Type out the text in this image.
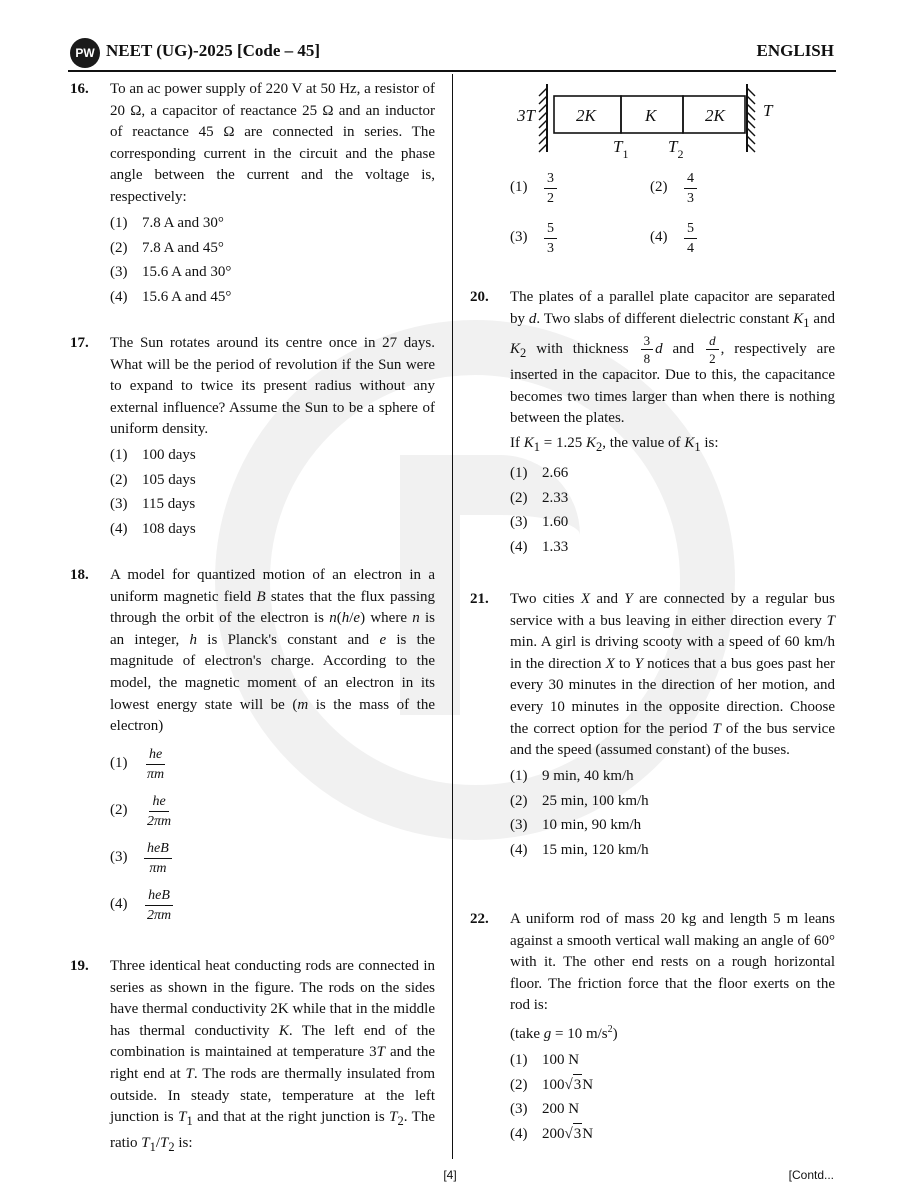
PW NEET (UG)-2025 [Code – 45]	ENGLISH
16. To an ac power supply of 220 V at 50 Hz, a resistor of 20 Ω, a capacitor of reactance 25 Ω and an inductor of reactance 45 Ω are connected in series. The corresponding current in the circuit and the phase angle between the current and the voltage is, respectively:
(1) 7.8 A and 30°
(2) 7.8 A and 45°
(3) 15.6 A and 30°
(4) 15.6 A and 45°
17. The Sun rotates around its centre once in 27 days. What will be the period of revolution if the Sun were to expand to twice its present radius without any external influence? Assume the Sun to be a sphere of uniform density.
(1) 100 days
(2) 105 days
(3) 115 days
(4) 108 days
18. A model for quantized motion of an electron in a uniform magnetic field B states that the flux passing through the orbit of the electron is n(h/e) where n is an integer, h is Planck's constant and e is the magnitude of electron's charge. According to the model, the magnetic moment of an electron in its lowest energy state will be (m is the mass of the electron)
(1)	$\frac{he}{\pi m}$
(2)	$\frac{he}{2\pi m}$
(3)	$\frac{\text{heB}}{\pi m}$
(4)	$\frac{\text{heB}}{2\pi m}$
19. Three identical heat conducting rods are connected in series as shown in the figure. The rods on the sides have thermal conductivity 2K while that in the middle has thermal conductivity K. The left end of the combination is maintained at temperature 3T and the right end at T. The rods are thermally insulated from outside. In steady state, temperature at the left junction is $T_1$ and that at the right junction is $T_2$. The ratio $T_1/T_2$ is:
3T	T
2K	K	2K
$T_1$ $T_2$
(1)	$\frac{3}{2}$	(2)	$\frac{4}{3}$
(3)	$\frac{5}{3}$	(4)	$\frac{5}{4}$
20. The plates of a parallel plate capacitor are separated by d. Two slabs of different dielectric constant $K_1$ and $K_2$ with thickness $\frac{3}{8}$ d and $\frac{d}{2}$ , respectively are inserted in the capacitor. Due to this, the capacitance becomes two times larger than when there is nothing between the plates.
If $K_1 = 1.25$ $K_2$, the value of $K_1$ is:
(1) 2.66
(2) 2.33
(3) 1.60
(4) 1.33
21. Two cities X and Y are connected by a regular bus service with a bus leaving in either direction every T min. A girl is driving scooty with a speed of 60 km/h in the direction X to Y notices that a bus goes past her every 30 minutes in the direction of her motion, and every 10 minutes in the opposite direction. Choose the correct option for the period T of the bus service and the speed (assumed constant) of the buses.
(1) 9 min, 40 km/h
(2) 25 min, 100 km/h
(3) 10 min, 90 km/h
(4) 15 min, 120 km/h
22. A uniform rod of mass 20 kg and length 5 m leans against a smooth vertical wall making an angle of 60° with it. The other end rests on a rough horizontal floor. The friction force that the floor exerts on the rod is:
(take g = 10 $m/s^2$)
(1) 100 N
(2) 100 √ 3 N
(3) 200 N
(4) 200 √ 3 N
[4]	[Contd...
